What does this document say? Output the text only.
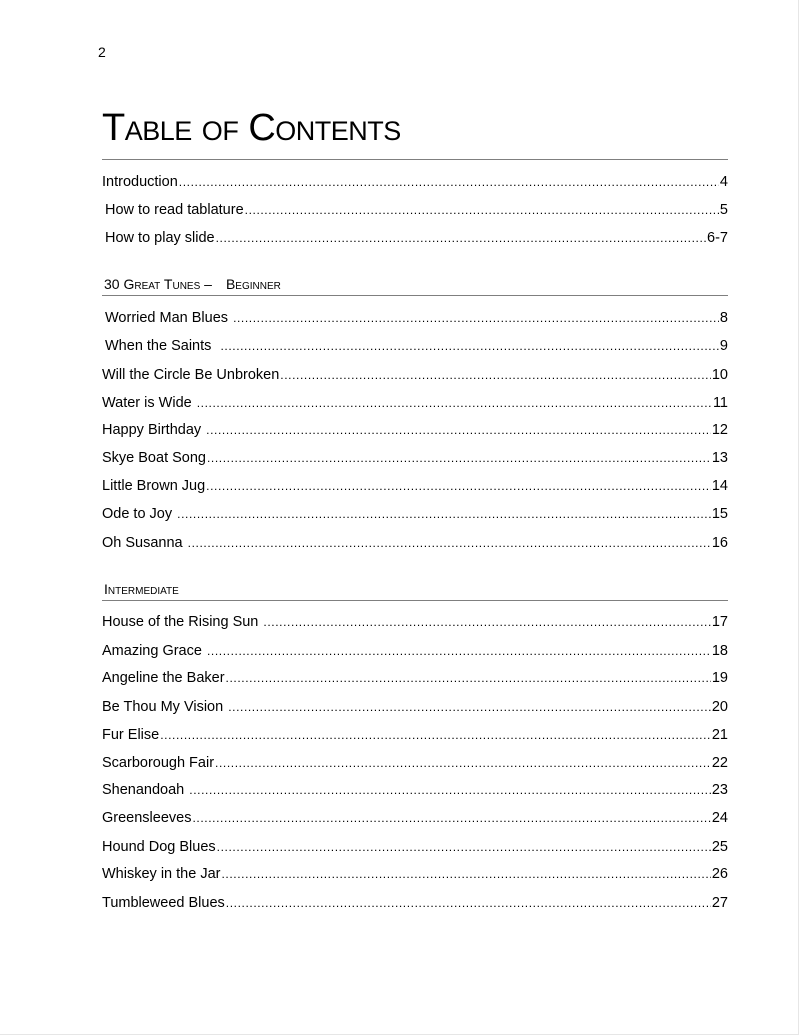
2
Table of Contents
Introduction .....	4
How to read tablature .....	5
How to play slide .....	6-7
30 Great Tunes – Beginner
Worried Man Blues .....	8
When the Saints .....	9
Will the Circle Be Unbroken .....	10
Water is Wide .....	11
Happy Birthday .....	12
Skye Boat Song .....	13
Little Brown Jug .....	14
Ode to Joy .....	15
Oh Susanna .....	16
Intermediate
House of the Rising Sun .....	17
Amazing Grace .....	18
Angeline the Baker .....	19
Be Thou My Vision .....	20
Fur Elise .....	21
Scarborough Fair .....	22
Shenandoah .....	23
Greensleeves .....	24
Hound Dog Blues .....	25
Whiskey in the Jar .....	26
Tumbleweed Blues .....	27
